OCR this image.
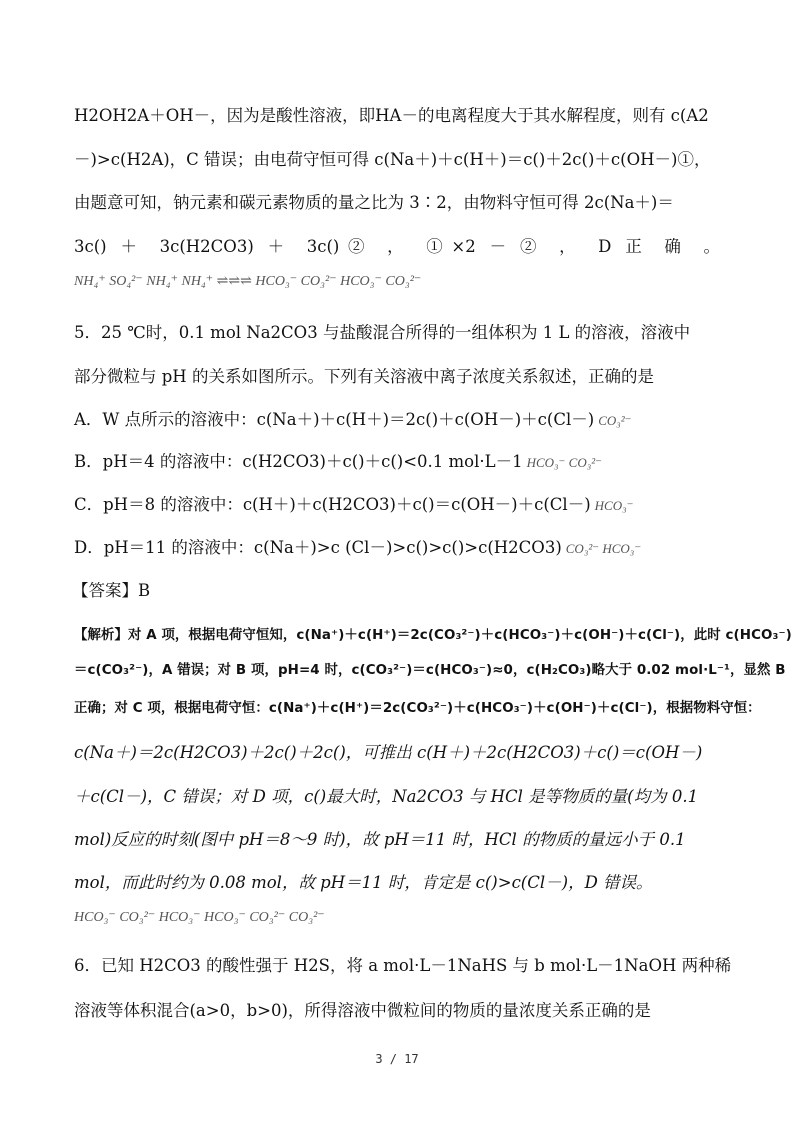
H2OH2A＋OH－，因为是酸性溶液，即HA－的电离程度大于其水解程度，则有 c(A2
－)>c(H2A)，C 错误；由电荷守恒可得 c(Na＋)＋c(H＋)＝c()＋2c()＋c(OH－)①，
由题意可知，钠元素和碳元素物质的量之比为 3∶2，由物料守恒可得 2c(Na＋)＝
3c() ＋ 3c(H2CO3) ＋ 3c()② ， ①×2 － ② ， D 正 确 。
NH₄⁺ SO₄²⁻ NH₄⁺ NH₄⁺ ⇌⇌⇌ HCO₃⁻ CO₃²⁻ HCO₃⁻ CO₃²⁻
5．25 ℃时，0.1 mol Na2CO3 与盐酸混合所得的一组体积为 1 L 的溶液，溶液中
部分微粒与 pH 的关系如图所示。下列有关溶液中离子浓度关系叙述，正确的是
A．W 点所示的溶液中：c(Na＋)＋c(H＋)＝2c()＋c(OH－)＋c(Cl－) CO₃²⁻
B．pH＝4 的溶液中：c(H2CO3)＋c()＋c()<0.1 mol·L－1 HCO₃⁻ CO₃²⁻
C．pH＝8 的溶液中：c(H＋)＋c(H2CO3)＋c()＝c(OH－)＋c(Cl－) HCO₃⁻
D．pH＝11 的溶液中：c(Na＋)>c (Cl－)>c()>c()>c(H2CO3) CO₃²⁻ HCO₃⁻
【答案】B
【解析】对 A 项，根据电荷守恒知，c(Na⁺)＋c(H⁺)＝2c(CO₃²⁻)＋c(HCO₃⁻)＋c(OH⁻)＋c(Cl⁻)，此时 c(HCO₃⁻)
＝c(CO₃²⁻)，A 错误；对 B 项，pH=4 时，c(CO₃²⁻)＝c(HCO₃⁻)≈0，c(H₂CO₃)略大于 0.02 mol·L⁻¹，显然 B
正确；对 C 项，根据电荷守恒：c(Na⁺)＋c(H⁺)＝2c(CO₃²⁻)＋c(HCO₃⁻)＋c(OH⁻)＋c(Cl⁻)，根据物料守恒：
c(Na＋)＝2c(H2CO3)＋2c()＋2c()，可推出 c(H＋)＋2c(H2CO3)＋c()＝c(OH－)
＋c(Cl－)，C 错误；对 D 项，c()最大时，Na2CO3 与 HCl 是等物质的量(均为 0.1
mol)反应的时刻(图中 pH＝8～9 时)，故 pH＝11 时，HCl 的物质的量远小于 0.1
mol，而此时约为 0.08 mol，故 pH＝11 时，肯定是 c()>c(Cl－)，D 错误。
HCO₃⁻ CO₃²⁻ HCO₃⁻ HCO₃⁻ CO₃²⁻ CO₃²⁻
6．已知 H2CO3 的酸性强于 H2S，将 a mol·L－1NaHS 与 b mol·L－1NaOH 两种稀
溶液等体积混合(a>0，b>0)，所得溶液中微粒间的物质的量浓度关系正确的是
3 / 17
